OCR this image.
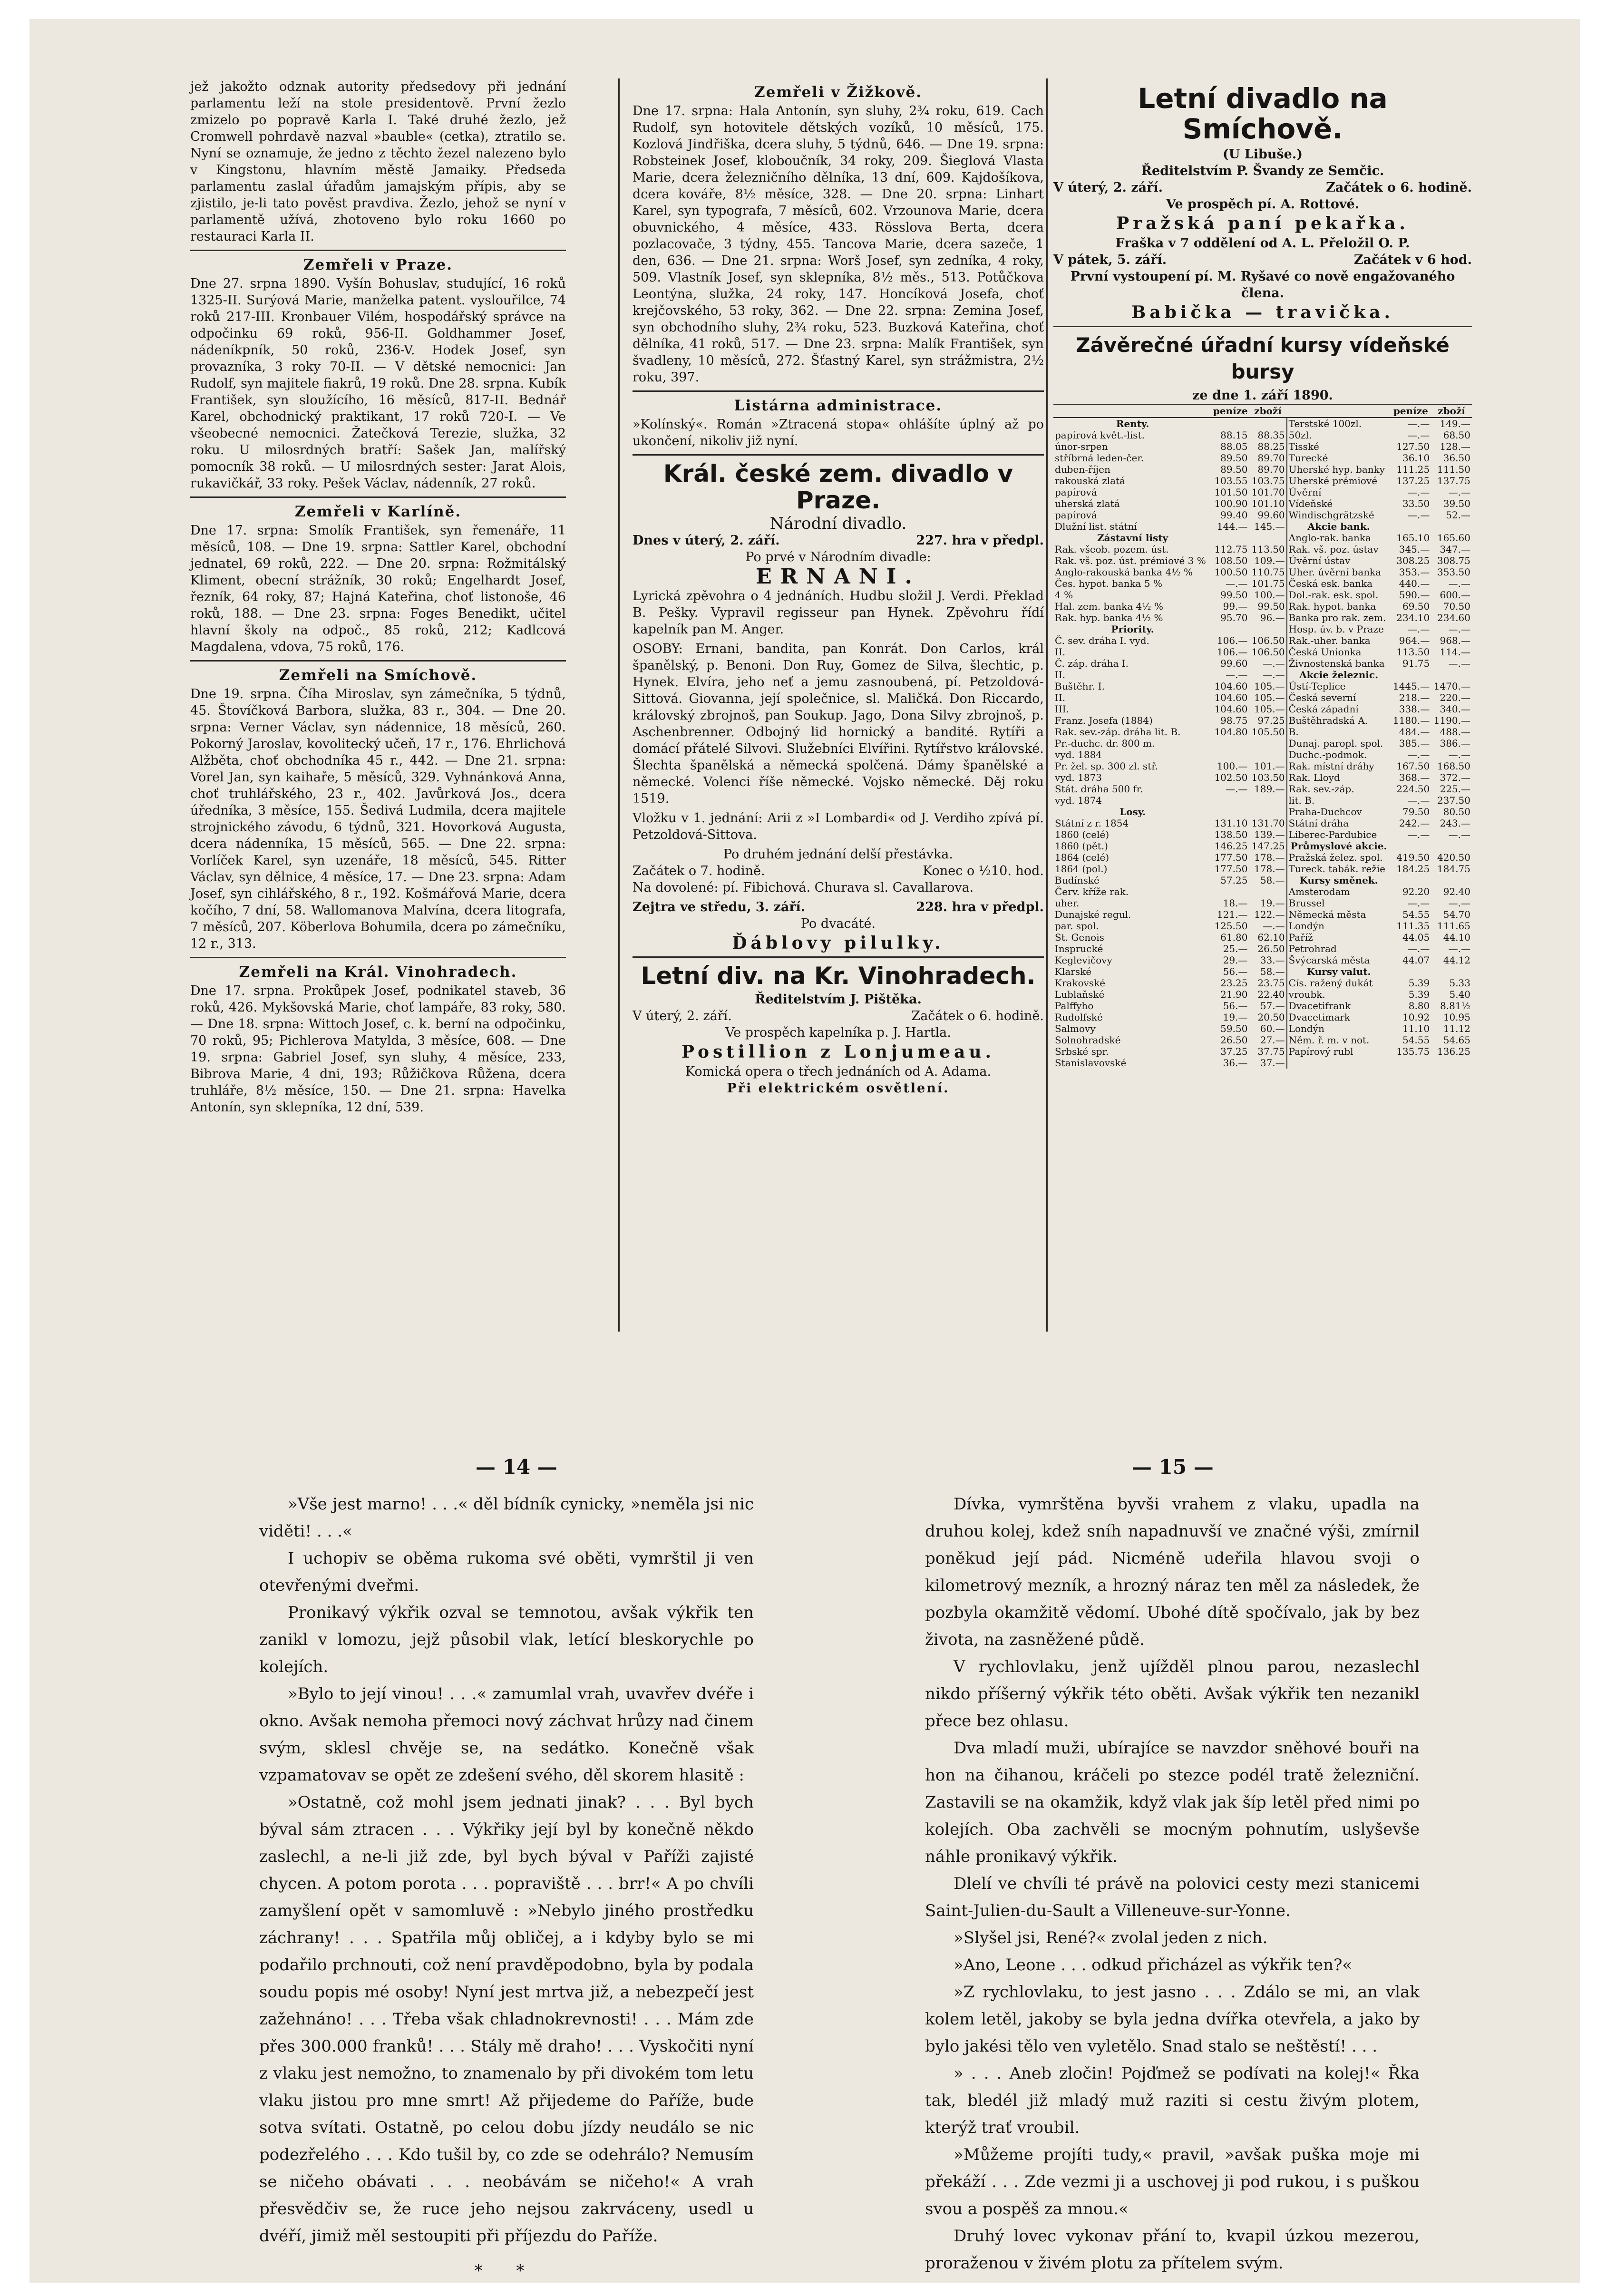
jež jakožto odznak autority předsedovy při jednání parlamentu leží na stole presidentově. První žezlo zmizelo po popravě Karla I. Také druhé žezlo, jež Cromwell pohrdavě nazval »bauble« (cetka), ztratilo se. Nyní se oznamuje, že jedno z těchto žezel nalezeno bylo v Kingstonu, hlavním městě Jamaiky. Předseda parlamentu zaslal úřadům jamajským přípis, aby se zjistilo, je-li tato pověst pravdiva. Žezlo, jehož se nyní v parlamentě užívá, zhotoveno bylo roku 1660 po restauraci Karla II.

Zemřeli v Praze.

Dne 27. srpna 1890. Vyšín Bohuslav, studující, 16 roků 1325-II. Surýová Marie, manželka patent. vyslouřilce, 74 roků 217-III. Kronbauer Vilém, hospodářský správce na odpočinku 69 roků, 956-II. Goldhammer Josef, nádeníkpník, 50 roků, 236-V. Hodek Josef, syn provazníka, 3 roky 70-II. — V dětské nemocnici: Jan Rudolf, syn majitele fiakrů, 19 roků. Dne 28. srpna. Kubík František, syn sloužícího, 16 měsíců, 817-II. Bednář Karel, obchodnický praktikant, 17 roků 720-I. — Ve všeobecné nemocnici. Žatečková Terezie, služka, 32 roku. U milosrdných bratří: Sašek Jan, malířský pomocník 38 roků. — U milosrdných sester: Jarat Alois, rukavičkář, 33 roky. Pešek Václav, nádenník, 27 roků.

Zemřeli v Karlíně.

Dne 17. srpna: Smolík František, syn řemenáře, 11 měsíců, 108. — Dne 19. srpna: Sattler Karel, obchodní jednatel, 69 roků, 222. — Dne 20. srpna: Rožmitálský Kliment, obecní strážník, 30 roků; Engelhardt Josef, řezník, 64 roky, 87; Hajná Kateřina, choť listonoše, 46 roků, 188. — Dne 23. srpna: Foges Benedikt, učitel hlavní školy na odpoč., 85 roků, 212; Kadlcová Magdalena, vdova, 75 roků, 176.

Zemřeli na Smíchově.

Dne 19. srpna. Číha Miroslav, syn zámečníka, 5 týdnů, 45. Štovíčková Barbora, služka, 83 r., 304. — Dne 20. srpna: Verner Václav, syn nádennice, 18 měsíců, 260. Pokorný Jaroslav, kovolitecký učeň, 17 r., 176. Ehrlichová Alžběta, choť obchodníka 45 r., 442. — Dne 21. srpna: Vorel Jan, syn kaihaře, 5 měsíců, 329. Vyhnánková Anna, choť truhlářského, 23 r., 402. Javůrková Jos., dcera úředníka, 3 měsíce, 155. Šedivá Ludmila, dcera majitele strojnického závodu, 6 týdnů, 321. Hovorková Augusta, dcera nádenníka, 15 měsíců, 565. — Dne 22. srpna: Vorlíček Karel, syn uzenáře, 18 měsíců, 545. Ritter Václav, syn dělnice, 4 měsíce, 17. — Dne 23. srpna: Adam Josef, syn cihlářského, 8 r., 192. Košmářová Marie, dcera kočího, 7 dní, 58. Wallomanova Malvína, dcera litografa, 7 měsíců, 207. Köberlova Bohumila, dcera po zámečníku, 12 r., 313.

Zemřeli na Král. Vinohradech.

Dne 17. srpna. Prokůpek Josef, podnikatel staveb, 36 roků, 426. Mykšovská Marie, choť lampáře, 83 roky, 580. — Dne 18. srpna: Wittoch Josef, c. k. berní na odpočinku, 70 roků, 95; Pichlerova Matylda, 3 měsíce, 608. — Dne 19. srpna: Gabriel Josef, syn sluhy, 4 měsíce, 233, Bibrova Marie, 4 dni, 193; Růžičkova Růžena, dcera truhláře, 8½ měsíce, 150. — Dne 21. srpna: Havelka Antonín, syn sklepníka, 12 dní, 539.

Zemřeli v Žižkově.

Dne 17. srpna: Hala Antonín, syn sluhy, 2¾ roku, 619. Cach Rudolf, syn hotovitele dětských vozíků, 10 měsíců, 175. Kozlová Jindřiška, dcera sluhy, 5 týdnů, 646. — Dne 19. srpna: Robsteinek Josef, kloboučník, 34 roky, 209. Šieglová Vlasta Marie, dcera železničního dělníka, 13 dní, 609. Kajdošíkova, dcera kováře, 8½ měsíce, 328. — Dne 20. srpna: Linhart Karel, syn typografa, 7 měsíců, 602. Vrzounova Marie, dcera obuvnického, 4 měsíce, 433. Rösslova Berta, dcera pozlacovače, 3 týdny, 455. Tancova Marie, dcera sazeče, 1 den, 636. — Dne 21. srpna: Worš Josef, syn zedníka, 4 roky, 509. Vlastník Josef, syn sklepníka, 8½ měs., 513. Potůčkova Leontýna, služka, 24 roky, 147. Honcíková Josefa, choť krejčovského, 53 roky, 362. — Dne 22. srpna: Zemina Josef, syn obchodního sluhy, 2¾ roku, 523. Buzková Kateřina, choť dělníka, 41 roků, 517. — Dne 23. srpna: Malík František, syn švadleny, 10 měsíců, 272. Šťastný Karel, syn strážmistra, 2½ roku, 397.

Listárna administrace.

»Kolínský«. Román »Ztracená stopa« ohlášíte úplný až po ukončení, nikoliv již nyní.

Král. české zem. divadlo v Praze.
Národní divadlo.
Dnes v úterý, 2. září.	227. hra v předpl.
Po prvé v Národním divadle:
ERNANI.

Lyrická zpěvohra o 4 jednáních. Hudbu složil J. Verdi. Překlad B. Pešky. Vypravil regisseur pan Hynek. Zpěvohru řídí kapelník pan M. Anger.

OSOBY: Ernani, bandita, pan Konrát. Don Carlos, král španělský, p. Benoni. Don Ruy, Gomez de Silva, šlechtic, p. Hynek. Elvíra, jeho neť a jemu zasnoubená, pí. Petzoldová-Sittová. Giovanna, její společnice, sl. Maličká. Don Riccardo, královský zbrojnoš, pan Soukup. Jago, Dona Silvy zbrojnoš, p. Aschenbrenner. Odbojný lid hornický a bandité. Rytíři a domácí přátelé Silvovi. Služebníci Elvířini. Rytířstvo královské. Šlechta španělská a německá spolčená. Dámy španělské a německé. Volenci říše německé. Vojsko německé. Děj roku 1519.

Vložku v 1. jednání: Arii z »I Lombardi« od J. Verdiho zpívá pí. Petzoldová-Sittova.

Po druhém jednání delší přestávka.
Začátek o 7. hodině.	Konec o ½10. hod.

Na dovolené: pí. Fibichová. Churava sl. Cavallarova.

Zejtra ve středu, 3. září.	228. hra v předpl.
Po dvacáté.
Ďáblovy pilulky.
Letní div. na Kr. Vinohradech.
Ředitelstvím J. Pištěka.
V úterý, 2. září.	Začátek o 6. hodině.
Ve prospěch kapelníka p. J. Hartla.
Postillion z Lonjumeau.
Komická opera o třech jednáních od A. Adama.
Při elektrickém osvětlení.
Letní divadlo na Smíchově.
(U Libuše.)
Ředitelstvím P. Švandy ze Semčic.
V úterý, 2. září.	Začátek o 6. hodině.
Ve prospěch pí. A. Rottové.
Pražská paní pekařka.
Fraška v 7 oddělení od A. L. Přeložil O. P.
V pátek, 5. září.	Začátek v 6 hod.
První vystoupení pí. M. Ryšavé co nově engažovaného člena.
Babička — travička.
Závěrečné úřadní kursy vídeňské bursy
ze dne 1. září 1890.
	peníze	zboží		peníze	zboží
Renty.			Terstské 100zl.	—.—	149.—
papírová květ.-list.	88.15	88.35	50zl.	—.—	68.50
únor-srpen	88.05	88.25	Tisské	127.50	128.—
stříbrná leden-čer.	89.50	89.70	Turecké	36.10	36.50
duben-říjen	89.50	89.70	Uherské hyp. banky	111.25	111.50
rakouská zlatá	103.55	103.75	Uherské prémiové	137.25	137.75
papírová	101.50	101.70	Úvěrní	—.—	—.—
uherská zlatá	100.90	101.10	Vídeňské	33.50	39.50
papírová	99.40	99.60	Windischgrätzské	—.—	52.—
Dlužní list. státní	144.—	145.—	Akcie bank.		
Zástavní listy			Anglo-rak. banka	165.10	165.60
Rak. všeob. pozem. úst.	112.75	113.50	Rak. vš. poz. ústav	345.—	347.—
Rak. vš. poz. úst. prémiové 3 %	108.50	109.—	Úvěrní ústav	308.25	308.75
Anglo-rakouská banka 4½ %	100.50	110.75	Uher. úvěrní banka	353.—	353.50
Čes. hypot. banka 5 %	—.—	101.75	Česká esk. banka	440.—	—.—
4 %	99.50	100.—	Dol.-rak. esk. spol.	590.—	600.—
Hal. zem. banka 4½ %	99.—	99.50	Rak. hypot. banka	69.50	70.50
Rak. hyp. banka 4½ %	95.70	96.—	Banka pro rak. zem.	234.10	234.60
Priority.			Hosp. úv. b. v Praze	—.—	—.—
Č. sev. dráha I. vyd.	106.—	106.50	Rak.-uher. banka	964.—	968.—
II.	106.—	106.50	Česká Unionka	113.50	114.—
Č. záp. dráha I.	99.60	—.—	Živnostenská banka	91.75	—.—
II.	—.—	—.—	Akcie železnic.		
Buštěhr. I.	104.60	105.—	Ústí-Teplice	1445.—	1470.—
II.	104.60	105.—	Česká severní	218.—	220.—
III.	104.60	105.—	Česká západní	338.—	340.—
Franz. Josefa (1884)	98.75	97.25	Buštěhradská A.	1180.—	1190.—
Rak. sev.-záp. dráha lit. B.	104.80	105.50	B.	484.—	488.—
Pr.-duchc. dr. 800 m.			Dunaj. paropl. spol.	385.—	386.—
vyd. 1884			Duchc.-podmok.	—.—	—.—
Pr. žel. sp. 300 zl. stř.	100.—	101.—	Rak. místní dráhy	167.50	168.50
vyd. 1873	102.50	103.50	Rak. Lloyd	368.—	372.—
Stát. dráha 500 fr.	—.—	189.—	Rak. sev.-záp.	224.50	225.—
vyd. 1874			lit. B.	—.—	237.50
Losy.			Praha-Duchcov	79.50	80.50
Státní z r. 1854	131.10	131.70	Státní dráha	242.—	243.—
1860 (celé)	138.50	139.—	Liberec-Pardubice	—.—	—.—
1860 (pět.)	146.25	147.25	Průmyslové akcie.		
1864 (celé)	177.50	178.—	Pražská želez. spol.	419.50	420.50
1864 (pol.)	177.50	178.—	Tureck. tabák. režie	184.25	184.75
Budínské	57.25	58.—	Kursy směnek.		
Červ. kříže rak.			Amsterodam	92.20	92.40
uher.	18.—	19.—	Brussel	—.—	—.—
Dunajské regul.	121.—	122.—	Německá města	54.55	54.70
par. spol.	125.50	—.—	Londýn	111.35	111.65
St. Genois	61.80	62.10	Paříž	44.05	44.10
Insprucké	25.—	26.50	Petrohrad	—.—	—.—
Keglevičovy	29.—	33.—	Švýcarská města	44.07	44.12
Klarské	56.—	58.—	Kursy valut.		
Krakovské	23.25	23.75	Cís. ražený dukát	5.39	5.33
Lublaňské	21.90	22.40	vroubk.	5.39	5.40
Palffyho	56.—	57.—	Dvacetifrank	8.80	8.81½
Rudolfské	19.—	20.50	Dvacetimark	10.92	10.95
Salmovy	59.50	60.—	Londýn	11.10	11.12
Solnohradské	26.50	27.—	Něm. ř. m. v not.	54.55	54.65
Srbské spr.	37.25	37.75	Papírový rubl	135.75	136.25
Stanislavovské	36.—	37.—			
— 14 —	— 15 —

»Vše jest marno! . . .« děl bídník cynicky, »neměla jsi nic viděti! . . .«

I uchopiv se oběma rukoma své oběti, vymrštil ji ven otevřenými dveřmi.

Pronikavý výkřik ozval se temnotou, avšak výkřik ten zanikl v lomozu, jejž působil vlak, letící bleskorychle po kolejích.

»Bylo to její vinou! . . .« zamumlal vrah, uvavřev dvéře i okno. Avšak nemoha přemoci nový záchvat hrůzy nad činem svým, sklesl chvěje se, na sedátko. Konečně však vzpamatovav se opět ze zdešení svého, děl skorem hlasitě :

»Ostatně, což mohl jsem jednati jinak? . . . Byl bych býval sám ztracen . . . Výkřiky její byl by konečně někdo zaslechl, a ne-li již zde, byl bych býval v Paříži zajisté chycen. A potom porota . . . popraviště . . . brr!« A po chvíli zamyšlení opět v samomluvě : »Nebylo jiného prostředku záchrany! . . . Spatřila můj obličej, a i kdyby bylo se mi podařilo prchnouti, což není pravděpodobno, byla by podala soudu popis mé osoby! Nyní jest mrtva již, a nebezpečí jest zažehnáno! . . . Třeba však chladnokrevnosti! . . . Mám zde přes 300.000 franků! . . . Stály mě draho! . . . Vyskočiti nyní z vlaku jest nemožno, to znamenalo by při divokém tom letu vlaku jistou pro mne smrt! Až přijedeme do Paříže, bude sotva svítati. Ostatně, po celou dobu jízdy neudálo se nic podezřelého . . . Kdo tušil by, co zde se odehrálo? Nemusím se ničeho obávati . . . neobávám se ničeho!« A vrah přesvědčiv se, že ruce jeho nejsou zakrváceny, usedl u dvéří, jimiž měl sestoupiti při příjezdu do Paříže.

* *

Dívka, vymrštěna byvši vrahem z vlaku, upadla na druhou kolej, kdež sníh napadnuvší ve značné výši, zmírnil poněkud její pád. Nicméně udeřila hlavou svoji o kilometrový mezník, a hrozný náraz ten měl za následek, že pozbyla okamžitě vědomí. Ubohé dítě spočívalo, jak by bez života, na zasněžené půdě.

V rychlovlaku, jenž ujížděl plnou parou, nezaslechl nikdo příšerný výkřik této oběti. Avšak výkřik ten nezanikl přece bez ohlasu.

Dva mladí muži, ubírajíce se navzdor sněhové bouři na hon na čihanou, kráčeli po stezce podél tratě železniční. Zastavili se na okamžik, když vlak jak šíp letěl před nimi po kolejích. Oba zachvěli se mocným pohnutím, uslyševše náhle pronikavý výkřik.

Dlelí ve chvíli té právě na polovici cesty mezi stanicemi Saint-Julien-du-Sault a Villeneuve-sur-Yonne.

»Slyšel jsi, René?« zvolal jeden z nich.

»Ano, Leone . . . odkud přicházel as výkřik ten?«

»Z rychlovlaku, to jest jasno . . . Zdálo se mi, an vlak kolem letěl, jakoby se byla jedna dvířka otevřela, a jako by bylo jakési tělo ven vyletělo. Snad stalo se neštěstí! . . .

» . . . Aneb zločin! Pojďmež se podívati na kolej!« Řka tak, bledél již mladý muž raziti si cestu živým plotem, kterýž trať vroubil.

»Můžeme projíti tudy,« pravil, »avšak puška moje mi překáží . . . Zde vezmi ji a uschovej ji pod rukou, i s puškou svou a pospěš za mnou.«

Druhý lovec vykonav přání to, kvapil úzkou mezerou, proraženou v živém plotu za přítelem svým.
